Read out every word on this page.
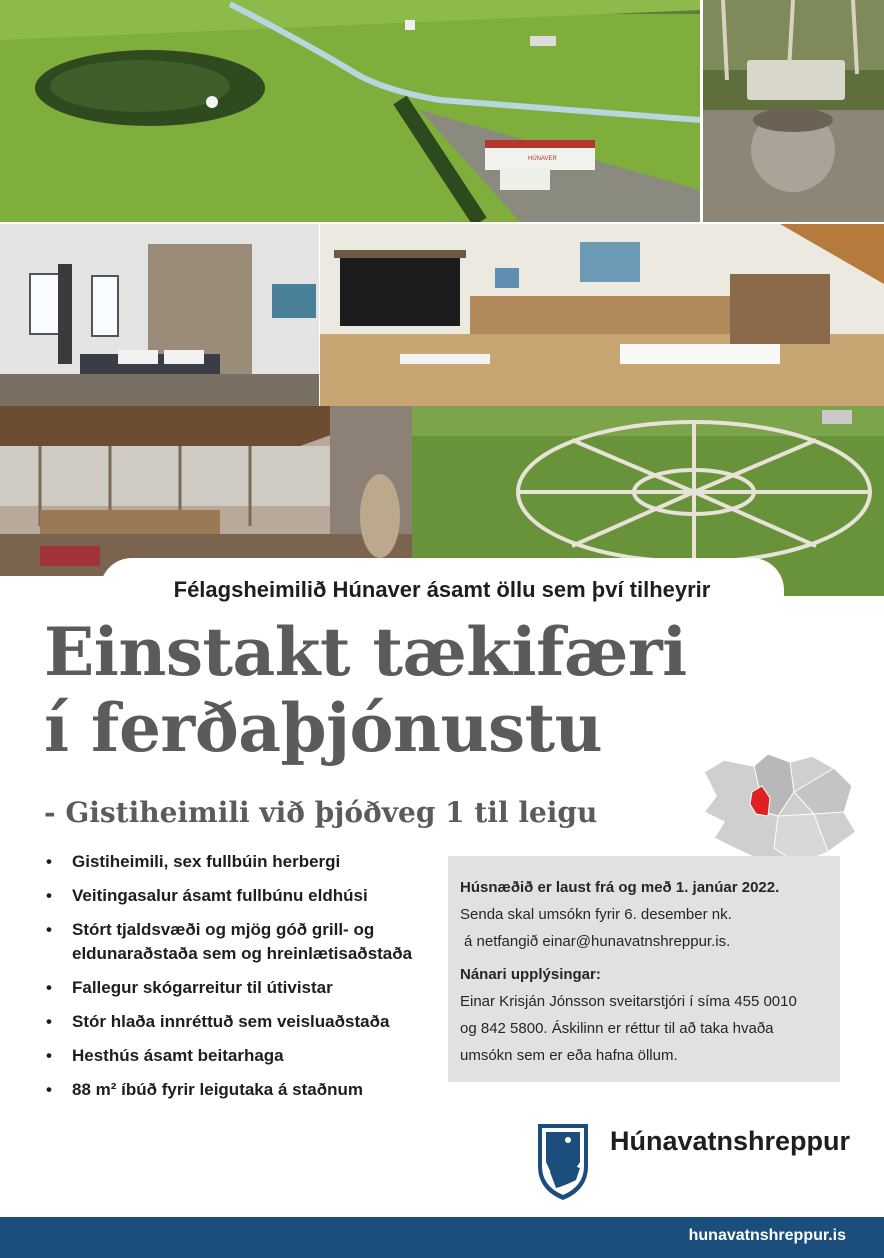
HÚNAVER
Félagsheimilið Húnaver ásamt öllu sem því tilheyrir
Einstakt tækifæri
í ferðaþjónustu
- Gistiheimili við þjóðveg 1 til leigu
• Gistiheimili, sex fullbúin herbergi
• Veitingasalur ásamt fullbúnu eldhúsi
• Stórt tjaldsvæði og mjög góð grill- og eldunaraðstaða sem og hreinlætisaðstaða
• Fallegur skógarreitur til útivistar
• Stór hlaða innréttuð sem veisluaðstaða
• Hesthús ásamt beitarhaga
• 88 m² íbúð fyrir leigutaka á staðnum

Húsnæðið er laust frá og með 1. janúar 2022.

Senda skal umsókn fyrir 6. desember nk.

á netfangið einar@hunavatnshreppur.is.

Nánari upplýsingar:

Einar Krisján Jónsson sveitarstjóri í síma 455 0010

og 842 5800. Áskilinn er réttur til að taka hvaða

umsókn sem er eða hafna öllum.

Húnavatnshreppur
hunavatnshreppur.is
